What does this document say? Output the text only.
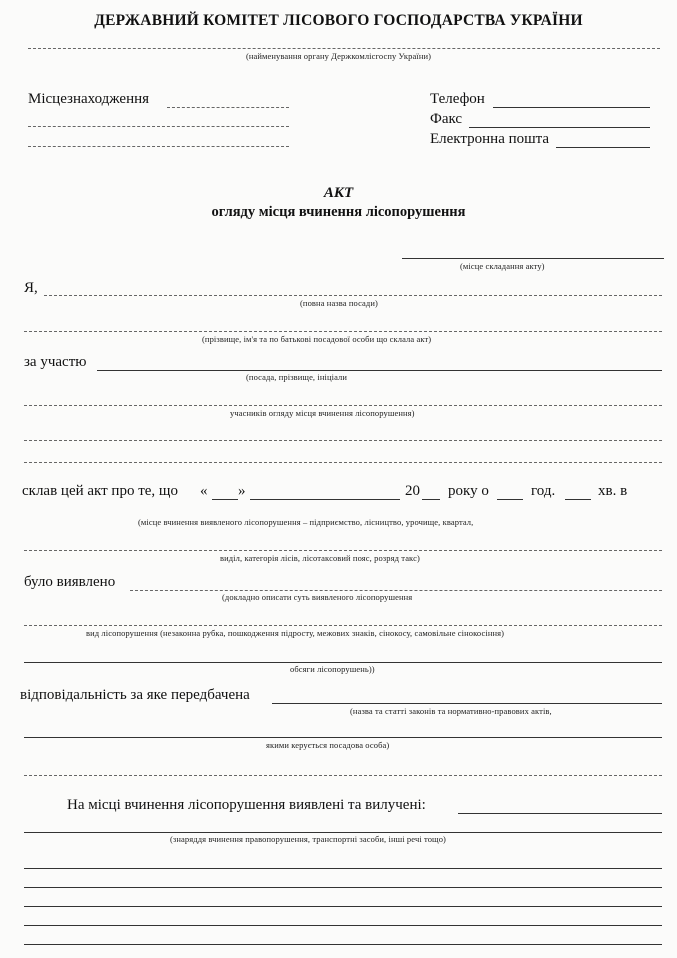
ДЕРЖАВНИЙ КОМІТЕТ ЛІСОВОГО ГОСПОДАРСТВА УКРАЇНИ
(найменування органу Держкомлісгоспу України)
Місцезнаходження	Телефон
Факс
Електронна пошта
АКТ
огляду місця вчинення лісопорушення
(місце складання акту)
Я,
(повна назва посади)
(прізвище, ім'я та по батькові посадової особи що склала акт)
за участю
(посада, прізвище, ініціали
учасників огляду місця вчинення лісопорушення)
склав цей акт про те, що « »	20 року о	год.	хв. в
(місце вчинення виявленого лісопорушення – підприємство, лісництво, урочище, квартал,
виділ, категорія лісів, лісотаксовий пояс, розряд такс)
було виявлено
(докладно описати суть виявленого лісопорушення
вид лісопорушення (незаконна рубка, пошкодження підросту, межових знаків, сінокосу, самовільне сінокосіння)
обсяги лісопорушень))
відповідальність за яке передбачена
(назва та статті законів та нормативно-правових актів,
якими керується посадова особа)
На місці вчинення лісопорушення виявлені та вилучені:
(знаряддя вчинення правопорушення, транспортні засоби, інші речі тощо)
